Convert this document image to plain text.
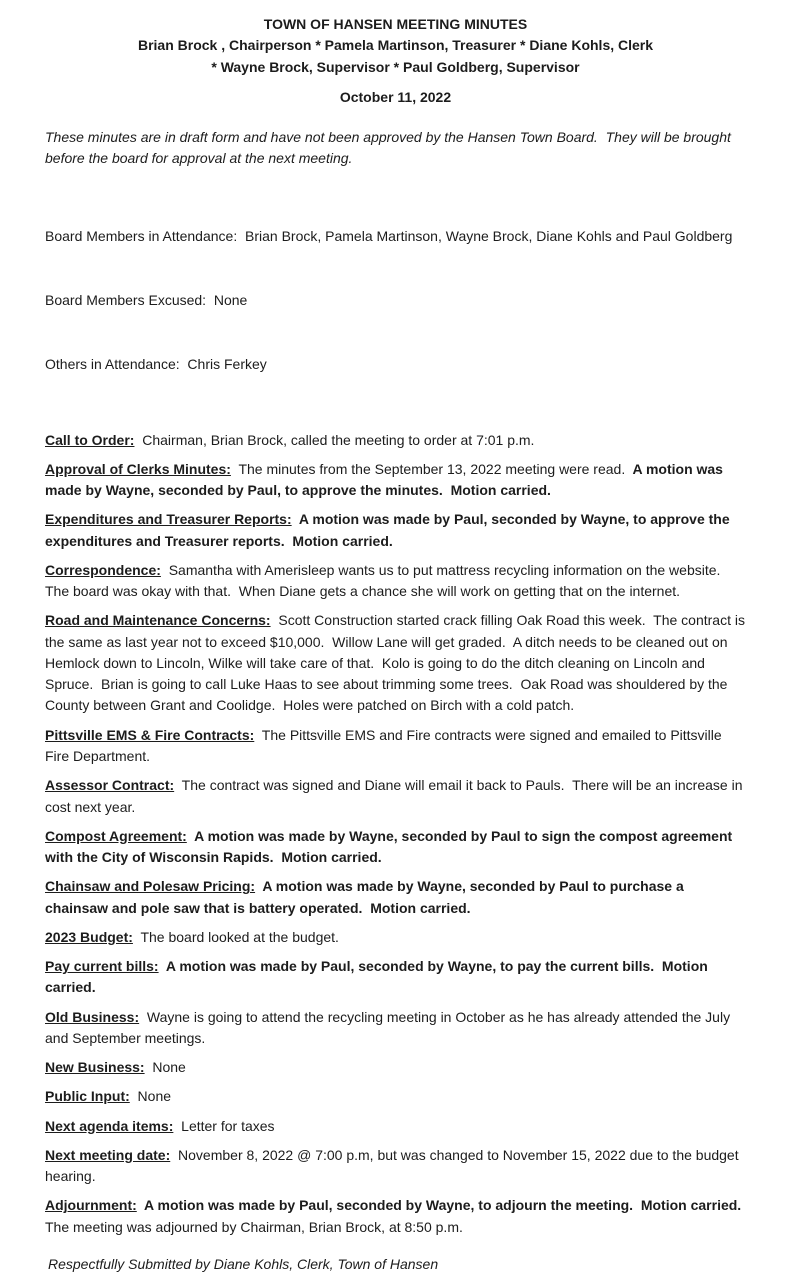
TOWN OF HANSEN MEETING MINUTES
Brian Brock , Chairperson * Pamela Martinson, Treasurer * Diane Kohls, Clerk
* Wayne Brock, Supervisor * Paul Goldberg, Supervisor
October 11, 2022
These minutes are in draft form and have not been approved by the Hansen Town Board.  They will be brought before the board for approval at the next meeting.

Board Members in Attendance:  Brian Brock, Pamela Martinson, Wayne Brock, Diane Kohls and Paul Goldberg

Board Members Excused:  None

Others in Attendance:  Chris Ferkey

Call to Order:  Chairman, Brian Brock, called the meeting to order at 7:01 p.m.

Approval of Clerks Minutes:  The minutes from the September 13, 2022 meeting were read.  A motion was made by Wayne, seconded by Paul, to approve the minutes.  Motion carried.

Expenditures and Treasurer Reports:  A motion was made by Paul, seconded by Wayne, to approve the expenditures and Treasurer reports.  Motion carried.

Correspondence:  Samantha with Amerisleep wants us to put mattress recycling information on the website.  The board was okay with that.  When Diane gets a chance she will work on getting that on the internet.

Road and Maintenance Concerns:  Scott Construction started crack filling Oak Road this week.  The contract is the same as last year not to exceed $10,000.  Willow Lane will get graded.  A ditch needs to be cleaned out on Hemlock down to Lincoln, Wilke will take care of that.  Kolo is going to do the ditch cleaning on Lincoln and Spruce.  Brian is going to call Luke Haas to see about trimming some trees.  Oak Road was shouldered by the County between Grant and Coolidge.  Holes were patched on Birch with a cold patch.

Pittsville EMS & Fire Contracts:  The Pittsville EMS and Fire contracts were signed and emailed to Pittsville Fire Department.

Assessor Contract:  The contract was signed and Diane will email it back to Pauls.  There will be an increase in cost next year.

Compost Agreement:  A motion was made by Wayne, seconded by Paul to sign the compost agreement with the City of Wisconsin Rapids.  Motion carried.

Chainsaw and Polesaw Pricing:  A motion was made by Wayne, seconded by Paul to purchase a chainsaw and pole saw that is battery operated.  Motion carried.

2023 Budget:  The board looked at the budget.

Pay current bills:  A motion was made by Paul, seconded by Wayne, to pay the current bills.  Motion carried.

Old Business:  Wayne is going to attend the recycling meeting in October as he has already attended the July and September meetings.

New Business:  None

Public Input:  None

Next agenda items:  Letter for taxes

Next meeting date:  November 8, 2022 @ 7:00 p.m, but was changed to November 15, 2022 due to the budget hearing.

Adjournment:  A motion was made by Paul, seconded by Wayne, to adjourn the meeting.  Motion carried.  The meeting was adjourned by Chairman, Brian Brock, at 8:50 p.m.

Respectfully Submitted by Diane Kohls, Clerk, Town of Hansen
